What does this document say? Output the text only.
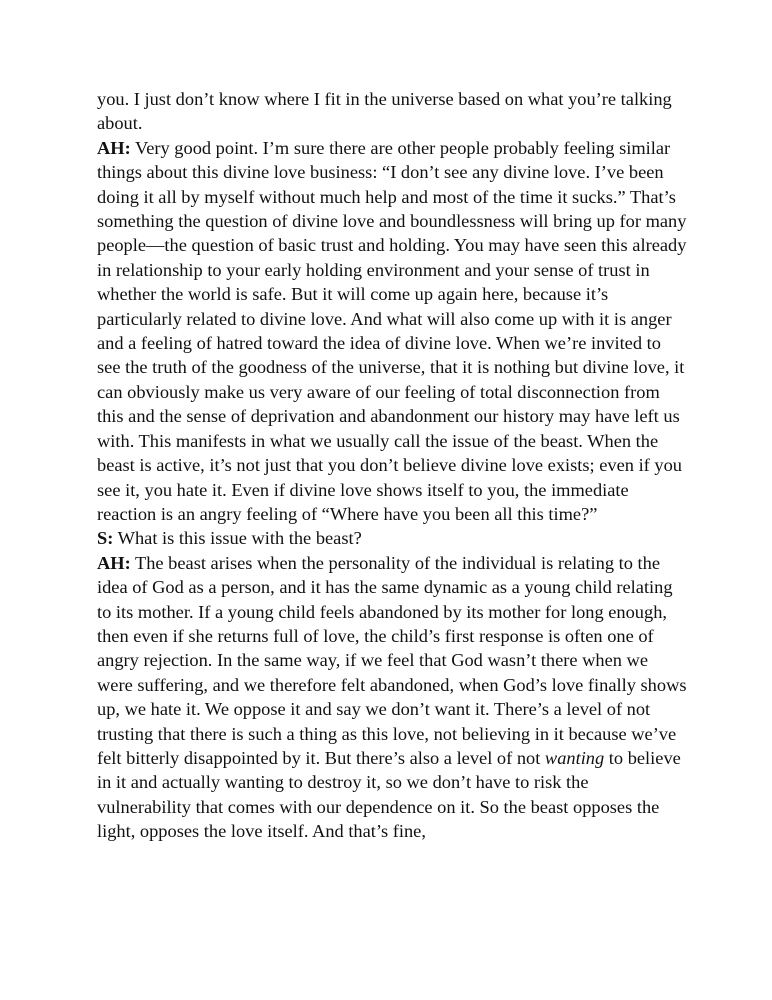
you. I just don’t know where I fit in the universe based on what you’re talking about.

AH: Very good point. I’m sure there are other people probably feeling similar things about this divine love business: “I don’t see any divine love. I’ve been doing it all by myself without much help and most of the time it sucks.” That’s something the question of divine love and boundlessness will bring up for many people—the question of basic trust and holding. You may have seen this already in relationship to your early holding environment and your sense of trust in whether the world is safe. But it will come up again here, because it’s particularly related to divine love. And what will also come up with it is anger and a feeling of hatred toward the idea of divine love. When we’re invited to see the truth of the goodness of the universe, that it is nothing but divine love, it can obviously make us very aware of our feeling of total disconnection from this and the sense of deprivation and abandonment our history may have left us with. This manifests in what we usually call the issue of the beast. When the beast is active, it’s not just that you don’t believe divine love exists; even if you see it, you hate it. Even if divine love shows itself to you, the immediate reaction is an angry feeling of “Where have you been all this time?”

S: What is this issue with the beast?

AH: The beast arises when the personality of the individual is relating to the idea of God as a person, and it has the same dynamic as a young child relating to its mother. If a young child feels abandoned by its mother for long enough, then even if she returns full of love, the child’s first response is often one of angry rejection. In the same way, if we feel that God wasn’t there when we were suffering, and we therefore felt abandoned, when God’s love finally shows up, we hate it. We oppose it and say we don’t want it. There’s a level of not trusting that there is such a thing as this love, not believing in it because we’ve felt bitterly disappointed by it. But there’s also a level of not wanting to believe in it and actually wanting to destroy it, so we don’t have to risk the vulnerability that comes with our dependence on it. So the beast opposes the light, opposes the love itself. And that’s fine,
